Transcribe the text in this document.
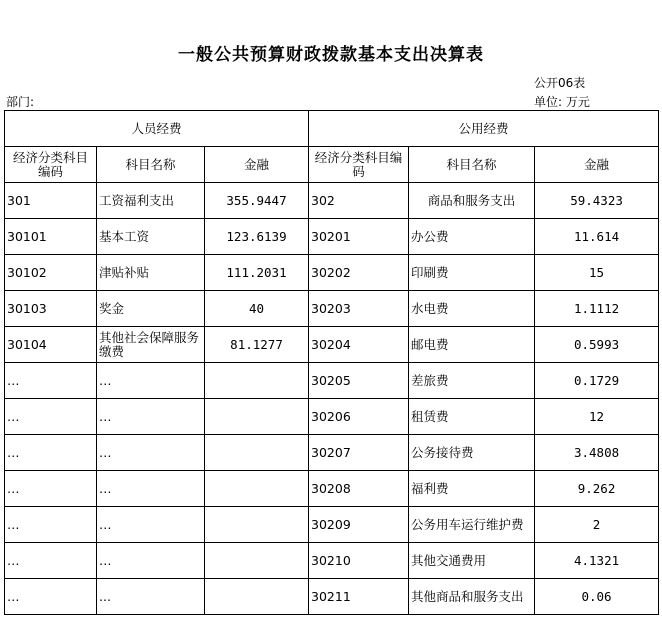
一般公共预算财政拨款基本支出决算表
公开06表
部门:	单位: 万元
人员经费			公用经费		
经济分类科目编码	科目名称	金融	经济分类科目编码	科目名称	金融
301	工资福利支出	355.9447	302	商品和服务支出	59.4323
30101	基本工资	123.6139	30201	办公费	11.614
30102	津贴补贴	111.2031	30202	印刷费	15
30103	奖金	40	30203	水电费	1.1112
30104	其他社会保障服务缴费	81.1277	30204	邮电费	0.5993
…	…		30205	差旅费	0.1729
…	…		30206	租赁费	12
…	…		30207	公务接待费	3.4808
…	…		30208	福利费	9.262
…	…		30209	公务用车运行维护费	2
…	…		30210	其他交通费用	4.1321
…	...		30211	其他商品和服务支出	0.06
